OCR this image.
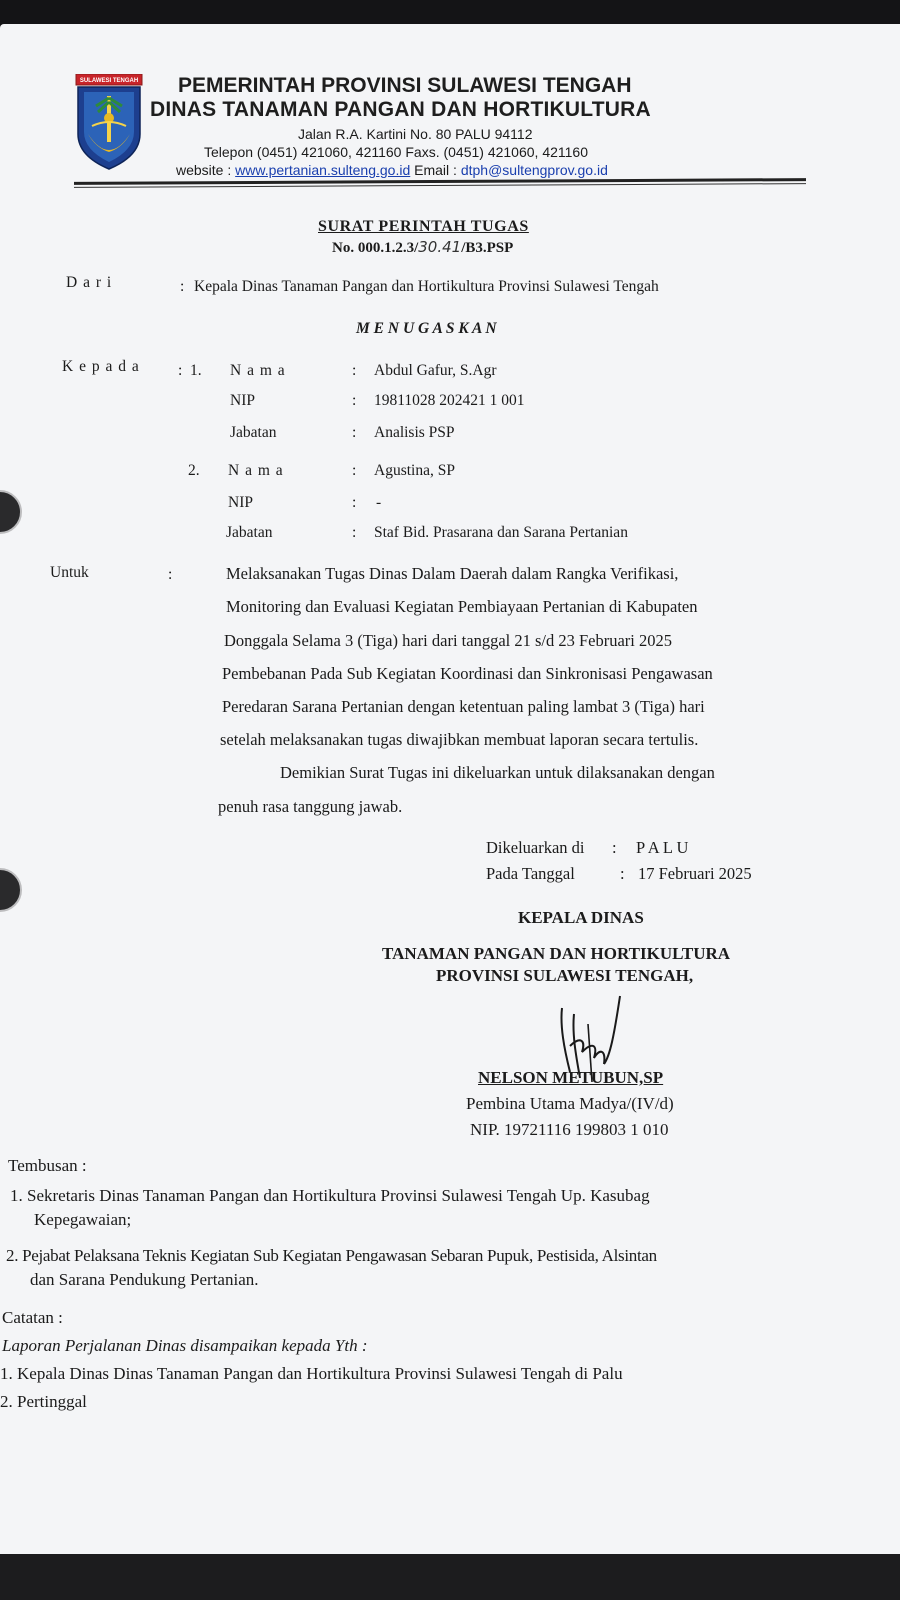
SULAWESI TENGAH PEMERINTAH PROVINSI SULAWESI TENGAH
DINAS TANAMAN PANGAN DAN HORTIKULTURA
Jalan R.A. Kartini No. 80 PALU 94112
Telepon (0451) 421060, 421160 Faxs. (0451) 421060, 421160
website : www.pertanian.sulteng.go.id Email : dtph@sultengprov.go.id
SURAT PERINTAH TUGAS
No. 000.1.2.3/30.41/B3.PSP
D a r i	: Kepala Dinas Tanaman Pangan dan Hortikultura Provinsi Sulawesi Tengah
M E N U G A S K A N
K e p a d a : 1. N a m a	: Abdul Gafur, S.Agr
NIP	: 19811028 202421 1 001
Jabatan	: Analisis PSP
2. N a m a	: Agustina, SP
NIP	: -
Jabatan	: Staf Bid. Prasarana dan Sarana Pertanian
Untuk	:	Melaksanakan Tugas Dinas Dalam Daerah dalam Rangka Verifikasi,
Monitoring dan Evaluasi Kegiatan Pembiayaan Pertanian di Kabupaten
Donggala Selama 3 (Tiga) hari dari tanggal 21 s/d 23 Februari 2025
Pembebanan Pada Sub Kegiatan Koordinasi dan Sinkronisasi Pengawasan
Peredaran Sarana Pertanian dengan ketentuan paling lambat 3 (Tiga) hari
setelah melaksanakan tugas diwajibkan membuat laporan secara tertulis.
Demikian Surat Tugas ini dikeluarkan untuk dilaksanakan dengan
penuh rasa tanggung jawab.
Dikeluarkan di : P A L U
Pada Tanggal	: 17 Februari 2025
KEPALA DINAS
TANAMAN PANGAN DAN HORTIKULTURA
PROVINSI SULAWESI TENGAH,
NELSON METUBUN,SP
Pembina Utama Madya/(IV/d)
NIP. 19721116 199803 1 010
Tembusan :
1. Sekretaris Dinas Tanaman Pangan dan Hortikultura Provinsi Sulawesi Tengah Up. Kasubag
Kepegawaian;
2. Pejabat Pelaksana Teknis Kegiatan Sub Kegiatan Pengawasan Sebaran Pupuk, Pestisida, Alsintan
dan Sarana Pendukung Pertanian.
Catatan :
Laporan Perjalanan Dinas disampaikan kepada Yth :
1. Kepala Dinas Dinas Tanaman Pangan dan Hortikultura Provinsi Sulawesi Tengah di Palu
2. Pertinggal
